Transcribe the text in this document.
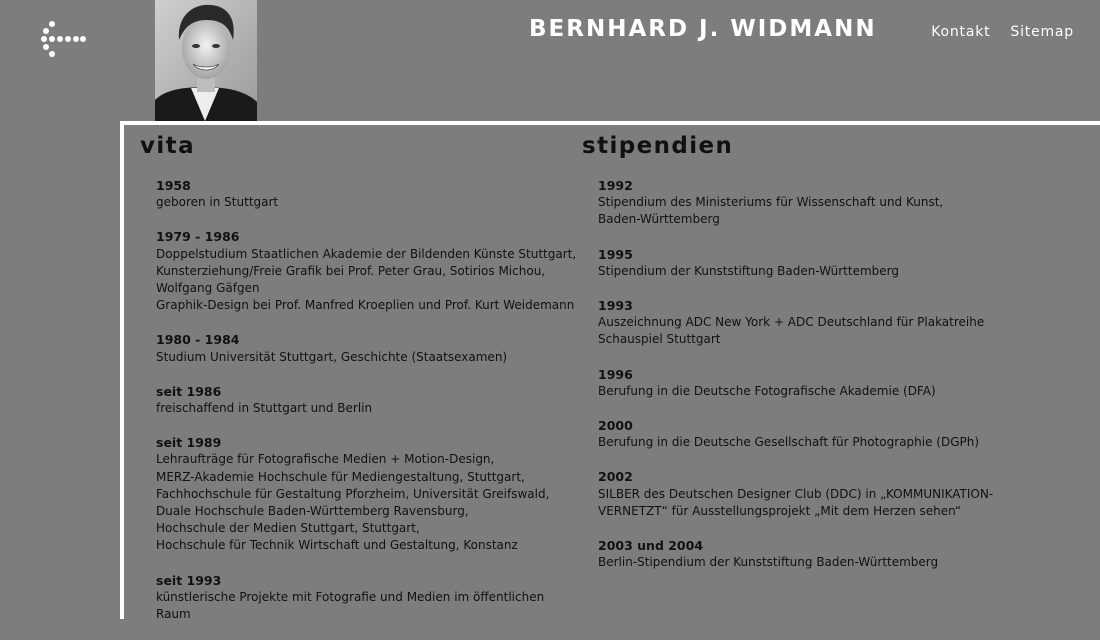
BERNHARD J. WIDMANN	Kontakt Sitemap
vita
1958
geboren in Stuttgart
1979 - 1986
Doppelstudium Staatlichen Akademie der Bildenden Künste Stuttgart,
Kunsterziehung/Freie Grafik bei Prof. Peter Grau, Sotirios Michou,
Wolfgang Gäfgen
Graphik-Design bei Prof. Manfred Kroeplien und Prof. Kurt Weidemann
1980 - 1984
Studium Universität Stuttgart, Geschichte (Staatsexamen)
seit 1986
freischaffend in Stuttgart und Berlin
seit 1989
Lehraufträge für Fotografische Medien + Motion-Design,
MERZ-Akademie Hochschule für Mediengestaltung, Stuttgart,
Fachhochschule für Gestaltung Pforzheim, Universität Greifswald,
Duale Hochschule Baden-Württemberg Ravensburg,
Hochschule der Medien Stuttgart, Stuttgart,
Hochschule für Technik Wirtschaft und Gestaltung, Konstanz
seit 1993
künstlerische Projekte mit Fotografie und Medien im öffentlichen Raum
stipendien
1992
Stipendium des Ministeriums für Wissenschaft und Kunst,
Baden-Württemberg
1995
Stipendium der Kunststiftung Baden-Württemberg
1993
Auszeichnung ADC New York + ADC Deutschland für Plakatreihe
Schauspiel Stuttgart
1996
Berufung in die Deutsche Fotografische Akademie (DFA)
2000
Berufung in die Deutsche Gesellschaft für Photographie (DGPh)
2002
SILBER des Deutschen Designer Club (DDC) in „KOMMUNIKATION-
VERNETZT“ für Ausstellungsprojekt „Mit dem Herzen sehen“
2003 und 2004
Berlin-Stipendium der Kunststiftung Baden-Württemberg
